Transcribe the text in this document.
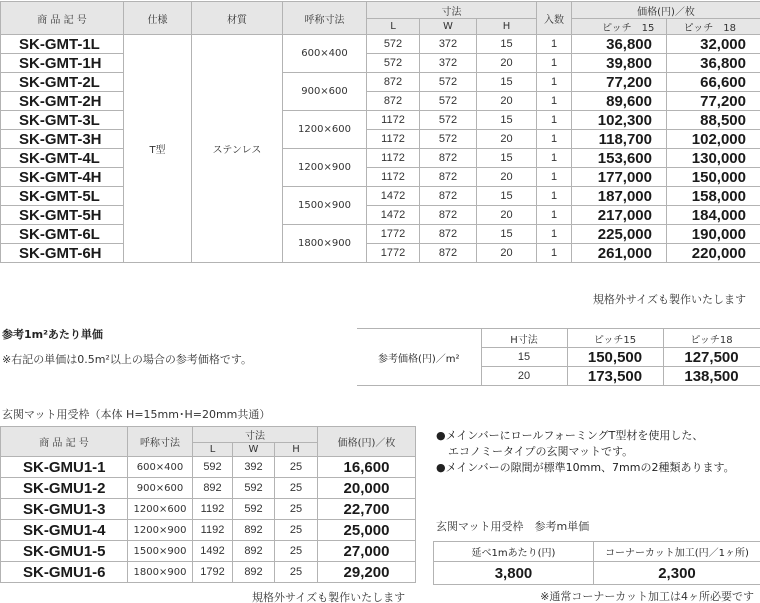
商 品 記 号	仕様	材質	呼称寸法	寸法			入数	価格(円)／枚	
				L	W	H		ピッチ　15	ピッチ　18
SK-GMT-1L	T型	ステンレス	600×400	572	372	15	1	36,800	32,000
SK-GMT-1H				572	372	20	1	39,800	36,800
SK-GMT-2L			900×600	872	572	15	1	77,200	66,600
SK-GMT-2H				872	572	20	1	89,600	77,200
SK-GMT-3L			1200×600	1172	572	15	1	102,300	88,500
SK-GMT-3H				1172	572	20	1	118,700	102,000
SK-GMT-4L			1200×900	1172	872	15	1	153,600	130,000
SK-GMT-4H				1172	872	20	1	177,000	150,000
SK-GMT-5L			1500×900	1472	872	15	1	187,000	158,000
SK-GMT-5H				1472	872	20	1	217,000	184,000
SK-GMT-6L			1800×900	1772	872	15	1	225,000	190,000
SK-GMT-6H				1772	872	20	1	261,000	220,000
規格外サイズも製作いたします
参考1m²あたり単価
※右記の単価は0.5m²以上の場合の参考価格です。	参考価格(円)／m²	H寸法	ピッチ15	ピッチ18
	15	150,500	127,500
	20	173,500	138,500
玄関マット用受枠（本体 H=15mm･H=20mm共通）
商 品 記 号	呼称寸法	寸法			価格(円)／枚
		L	W	H	
SK-GMU1-1	600×400	592	392	25	16,600
SK-GMU1-2	900×600	892	592	25	20,000
SK-GMU1-3	1200×600	1192	592	25	22,700
SK-GMU1-4	1200×900	1192	892	25	25,000
SK-GMU1-5	1500×900	1492	892	25	27,000
SK-GMU1-6	1800×900	1792	892	25	29,200
規格外サイズも製作いたします
●メインバーにロールフォーミングT型材を使用した、
エコノミータイプの玄関マットです。
●メインバーの隙間が標準10mm、7mmの2種類あります。
玄関マット用受枠　参考m単価
延べ1mあたり(円)	コーナーカット加工(円／1ヶ所)
3,800	2,300
※通常コーナーカット加工は4ヶ所必要です
